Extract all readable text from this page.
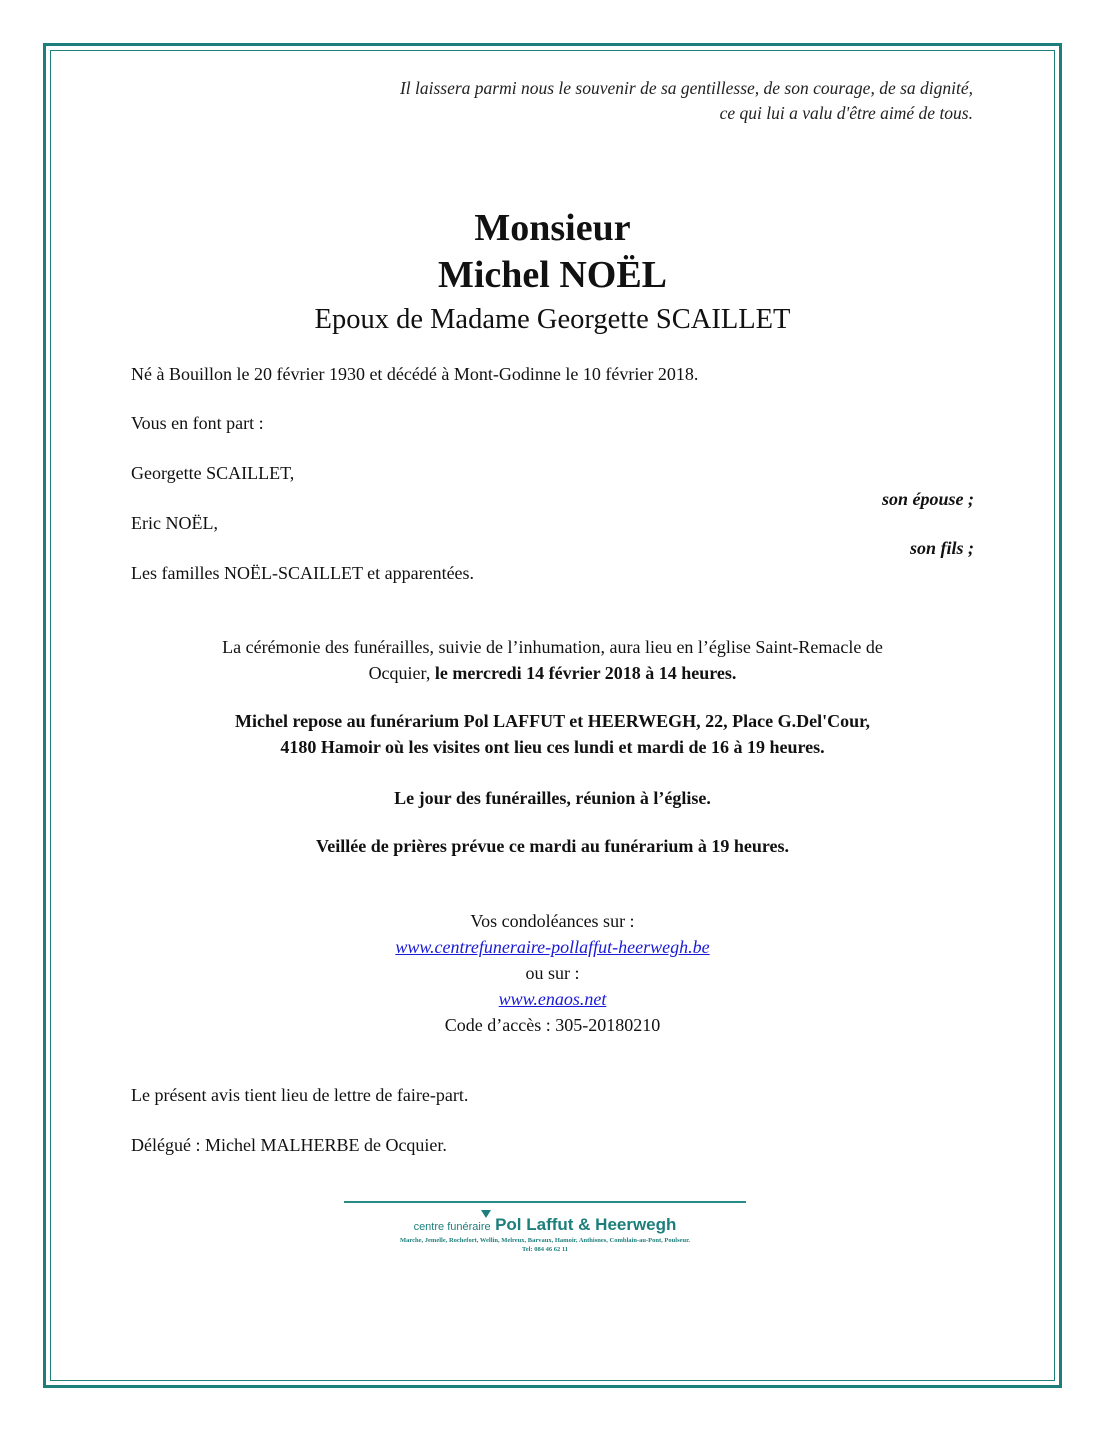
Il laissera parmi nous le souvenir de sa gentillesse, de son courage, de sa dignité,
ce qui lui a valu d'être aimé de tous.
Monsieur
Michel NOËL
Epoux de Madame Georgette SCAILLET
Né à Bouillon le 20 février 1930 et décédé à Mont-Godinne le 10 février 2018.
Vous en font part :
Georgette SCAILLET,
son épouse ;
Eric NOËL,
son fils ;
Les familles NOËL-SCAILLET et apparentées.
La cérémonie des funérailles, suivie de l’inhumation, aura lieu en l’église Saint-Remacle de
Ocquier, le mercredi 14 février 2018 à 14 heures.
Michel repose au funérarium Pol LAFFUT et HEERWEGH, 22, Place G.Del'Cour,
4180 Hamoir où les visites ont lieu ces lundi et mardi de 16 à 19 heures.
Le jour des funérailles, réunion à l’église.
Veillée de prières prévue ce mardi au funérarium à 19 heures.
Vos condoléances sur :
www.centrefuneraire-pollaffut-heerwegh.be
ou sur :
www.enaos.net
Code d’accès : 305-20180210
Le présent avis tient lieu de lettre de faire-part.
Délégué : Michel MALHERBE de Ocquier.
centre funéraire Pol Laffut & Heerwegh
Marche, Jemelle, Rochefort, Wellin, Melreux, Barvaux, Hamoir, Anthisnes, Comblain-au-Pont, Poulseur.
Tel: 084 46 62 11
